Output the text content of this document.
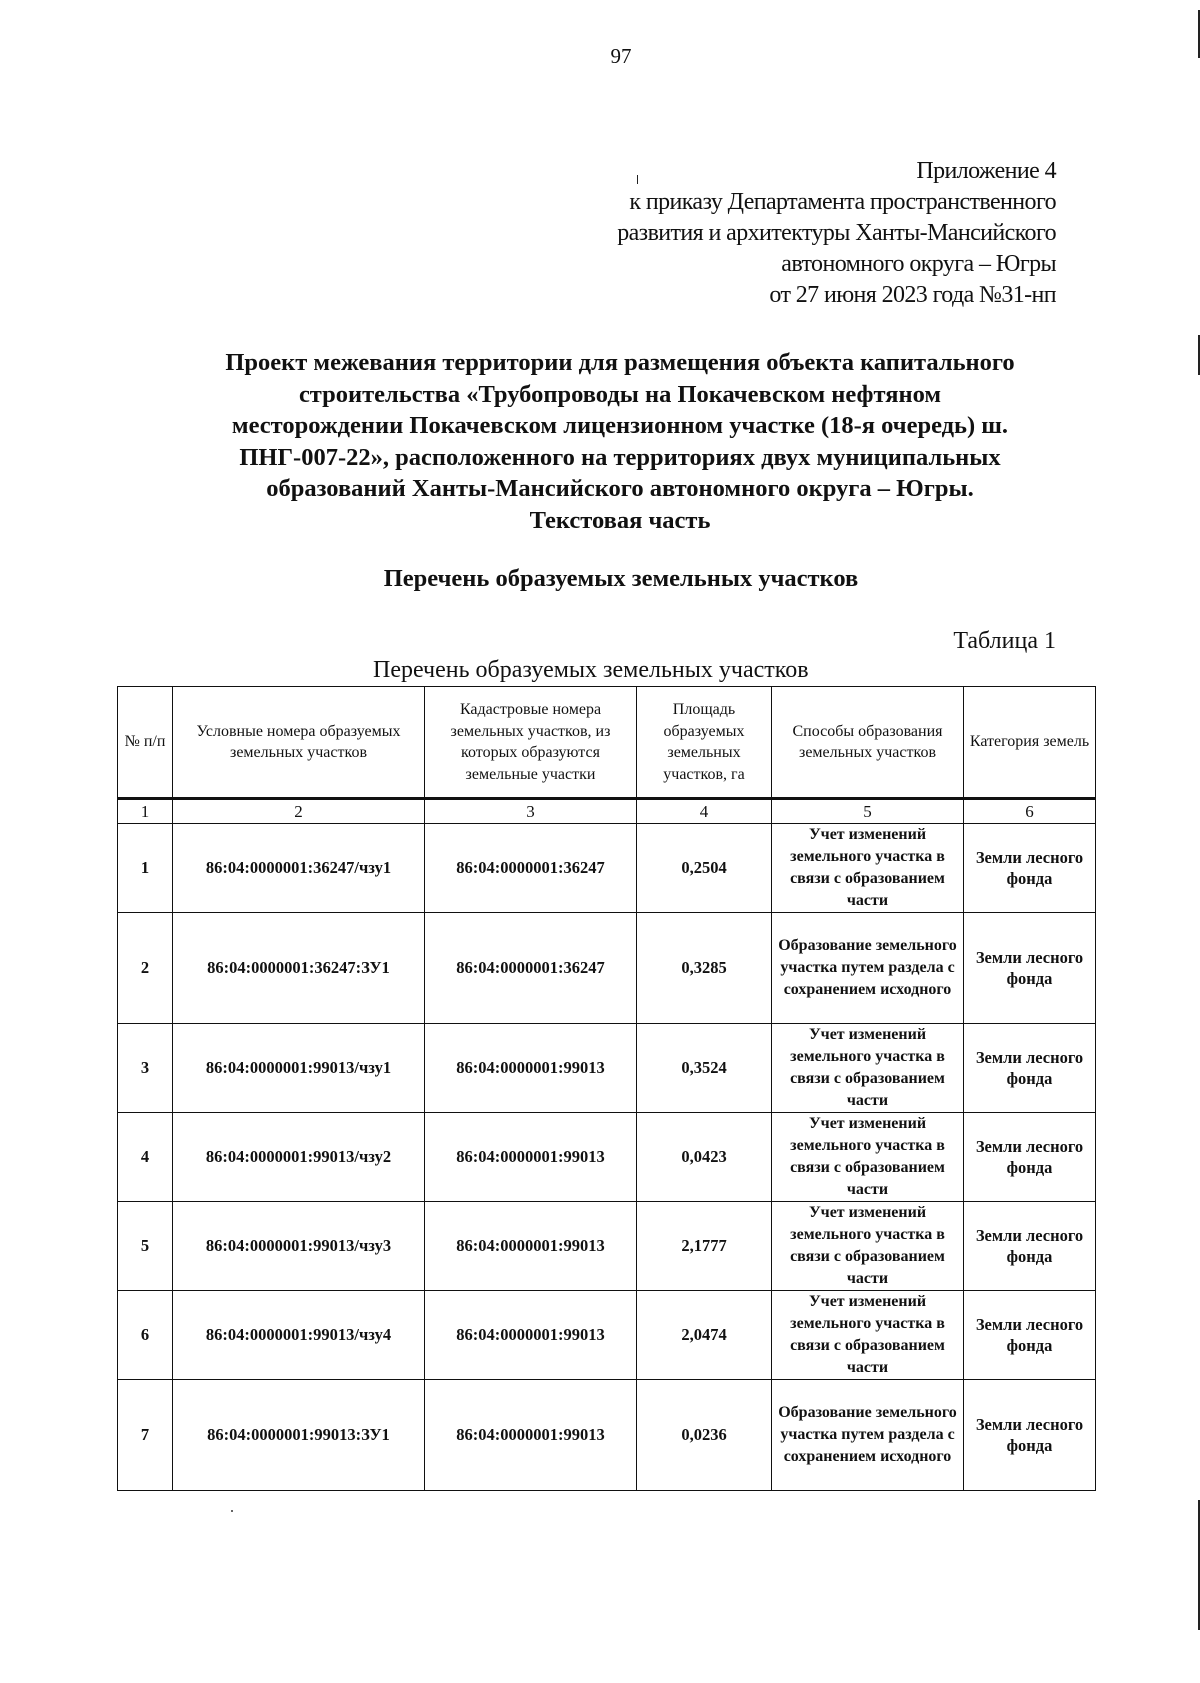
97
Приложение 4
к приказу Департамента пространственного
развития и архитектуры Ханты-Мансийского
автономного округа – Югры
от 27 июня 2023 года №31-нп
Проект межевания территории для размещения объекта капитального
строительства «Трубопроводы на Покачевском нефтяном
месторождении Покачевском лицензионном участке (18-я очередь) ш.
ПНГ-007-22», расположенного на территориях двух муниципальных
образований Ханты-Мансийского автономного округа – Югры.
Текстовая часть
Перечень образуемых земельных участков
Таблица 1
Перечень образуемых земельных участков
№ п/п	Условные номера образуемых земельных участков	Кадастровые номера земельных участков, из которых образуются земельные участки	Площадь образуемых земельных участков, га	Способы образования земельных участков	Категория земель
1	2	3	4	5	6
1	86:04:0000001:36247/чзу1	86:04:0000001:36247	0,2504	Учет изменений земельного участка в связи с образованием части	Земли лесного фонда
2	86:04:0000001:36247:ЗУ1	86:04:0000001:36247	0,3285	Образование земельного участка путем раздела с сохранением исходного	Земли лесного фонда
3	86:04:0000001:99013/чзу1	86:04:0000001:99013	0,3524	Учет изменений земельного участка в связи с образованием части	Земли лесного фонда
4	86:04:0000001:99013/чзу2	86:04:0000001:99013	0,0423	Учет изменений земельного участка в связи с образованием части	Земли лесного фонда
5	86:04:0000001:99013/чзу3	86:04:0000001:99013	2,1777	Учет изменений земельного участка в связи с образованием части	Земли лесного фонда
6	86:04:0000001:99013/чзу4	86:04:0000001:99013	2,0474	Учет изменений земельного участка в связи с образованием части	Земли лесного фонда
7	86:04:0000001:99013:ЗУ1	86:04:0000001:99013	0,0236	Образование земельного участка путем раздела с сохранением исходного	Земли лесного фонда
